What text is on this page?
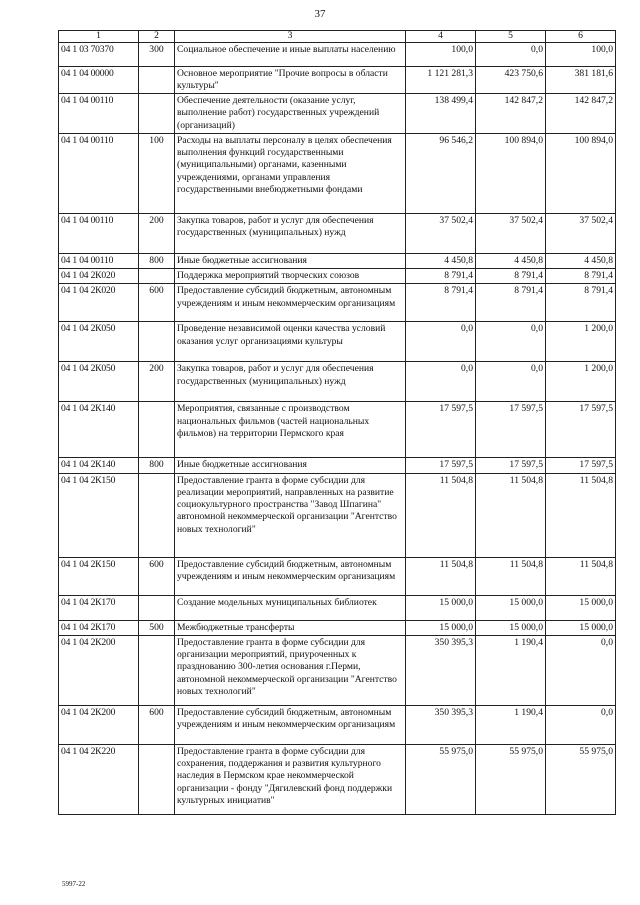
37
1	2	3	4	5	6
04 1 03 70370	300	Социальное обеспечение и иные выплаты населению	100,0	0,0	100,0
04 1 04 00000		Основное мероприятие "Прочие вопросы в области культуры"	1 121 281,3	423 750,6	381 181,6
04 1 04 00110		Обеспечение деятельности (оказание услуг, выполнение работ) государственных учреждений (организаций)	138 499,4	142 847,2	142 847,2
04 1 04 00110	100	Расходы на выплаты персоналу в целях обеспечения выполнения функций государственными (муниципальными) органами, казенными учреждениями, органами управления государственными внебюджетными фондами	96 546,2	100 894,0	100 894,0
04 1 04 00110	200	Закупка товаров, работ и услуг для обеспечения государственных (муниципальных) нужд	37 502,4	37 502,4	37 502,4
04 1 04 00110	800	Иные бюджетные ассигнования	4 450,8	4 450,8	4 450,8
04 1 04 2К020		Поддержка мероприятий творческих союзов	8 791,4	8 791,4	8 791,4
04 1 04 2К020	600	Предоставление субсидий бюджетным, автономным учреждениям и иным некоммерческим организациям	8 791,4	8 791,4	8 791,4
04 1 04 2К050		Проведение независимой оценки качества условий оказания услуг организациями культуры	0,0	0,0	1 200,0
04 1 04 2К050	200	Закупка товаров, работ и услуг для обеспечения государственных (муниципальных) нужд	0,0	0,0	1 200,0
04 1 04 2К140		Мероприятия, связанные с производством национальных фильмов (частей национальных фильмов) на территории Пермского края	17 597,5	17 597,5	17 597,5
04 1 04 2К140	800	Иные бюджетные ассигнования	17 597,5	17 597,5	17 597,5
04 1 04 2К150		Предоставление гранта в форме субсидии для реализации мероприятий, направленных на развитие социокультурного пространства "Завод Шпагина" автономной некоммерческой организации "Агентство новых технологий"	11 504,8	11 504,8	11 504,8
04 1 04 2К150	600	Предоставление субсидий бюджетным, автономным учреждениям и иным некоммерческим организациям	11 504,8	11 504,8	11 504,8
04 1 04 2К170		Создание модельных муниципальных библиотек	15 000,0	15 000,0	15 000,0
04 1 04 2К170	500	Межбюджетные трансферты	15 000,0	15 000,0	15 000,0
04 1 04 2К200		Предоставление гранта в форме субсидии для организации мероприятий, приуроченных к празднованию 300-летия основания г.Перми, автономной некоммерческой организации "Агентство новых технологий"	350 395,3	1 190,4	0,0
04 1 04 2К200	600	Предоставление субсидий бюджетным, автономным учреждениям и иным некоммерческим организациям	350 395,3	1 190,4	0,0
04 1 04 2К220		Предоставление гранта в форме субсидии для сохранения, поддержания и развития культурного наследия в Пермском крае некоммерческой организации - фонду "Дягилевский фонд поддержки культурных инициатив"	55 975,0	55 975,0	55 975,0
5997-22
